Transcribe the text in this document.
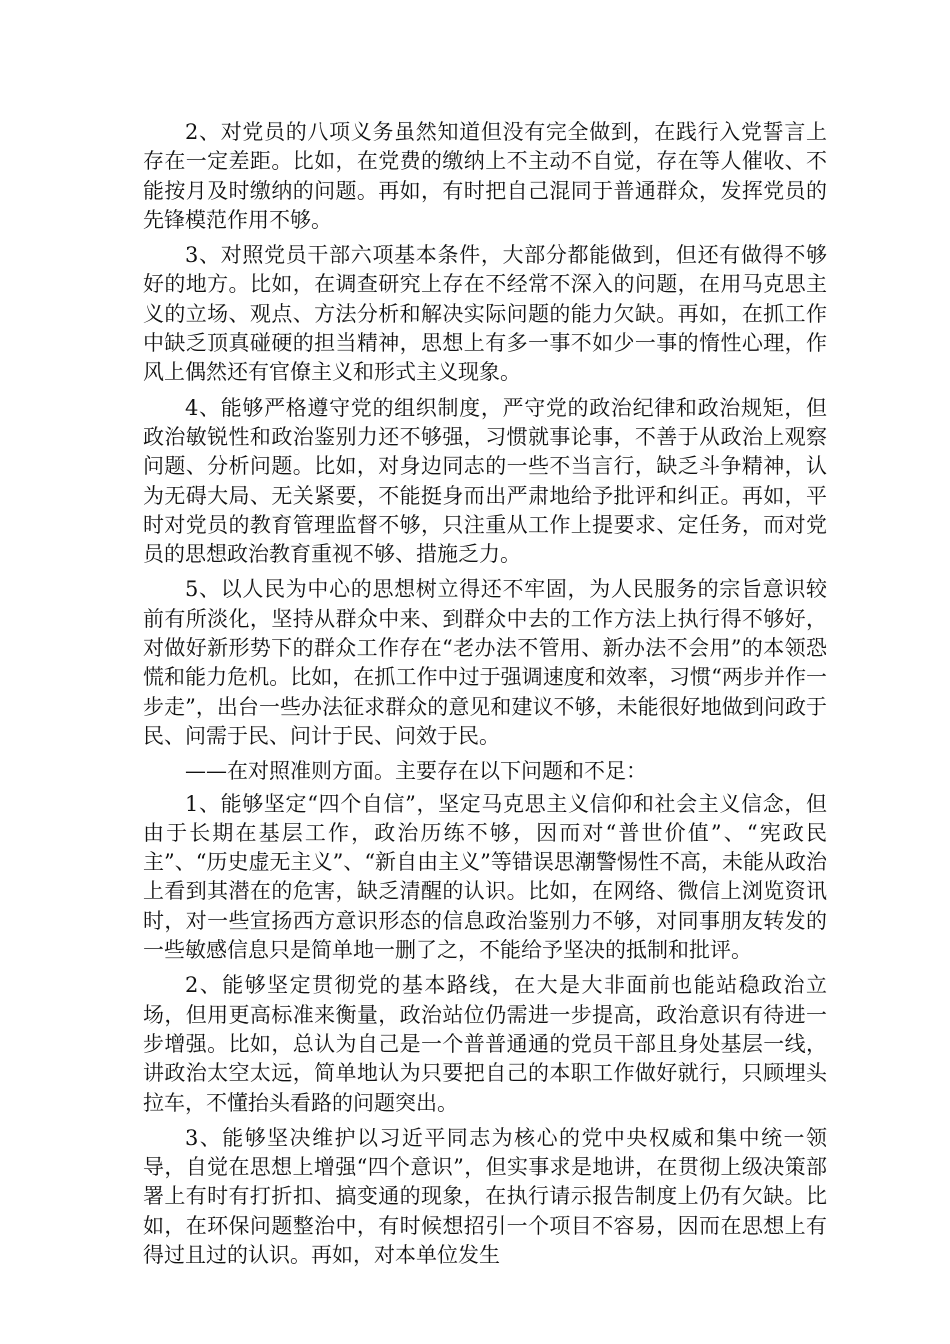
2、对党员的八项义务虽然知道但没有完全做到，在践行入党誓言上存在一定差距。比如，在党费的缴纳上不主动不自觉，存在等人催收、不能按月及时缴纳的问题。再如，有时把自己混同于普通群众，发挥党员的先锋模范作用不够。

3、对照党员干部六项基本条件，大部分都能做到，但还有做得不够好的地方。比如，在调查研究上存在不经常不深入的问题，在用马克思主义的立场、观点、方法分析和解决实际问题的能力欠缺。再如，在抓工作中缺乏顶真碰硬的担当精神，思想上有多一事不如少一事的惰性心理，作风上偶然还有官僚主义和形式主义现象。

4、能够严格遵守党的组织制度，严守党的政治纪律和政治规矩，但政治敏锐性和政治鉴别力还不够强，习惯就事论事，不善于从政治上观察问题、分析问题。比如，对身边同志的一些不当言行，缺乏斗争精神，认为无碍大局、无关紧要，不能挺身而出严肃地给予批评和纠正。再如，平时对党员的教育管理监督不够，只注重从工作上提要求、定任务，而对党员的思想政治教育重视不够、措施乏力。

5、以人民为中心的思想树立得还不牢固，为人民服务的宗旨意识较前有所淡化，坚持从群众中来、到群众中去的工作方法上执行得不够好，对做好新形势下的群众工作存在“老办法不管用、新办法不会用”的本领恐慌和能力危机。比如，在抓工作中过于强调速度和效率，习惯“两步并作一步走”，出台一些办法征求群众的意见和建议不够，未能很好地做到问政于民、问需于民、问计于民、问效于民。

——在对照准则方面。主要存在以下问题和不足：

1、能够坚定“四个自信”，坚定马克思主义信仰和社会主义信念，但由于长期在基层工作，政治历练不够，因而对“普世价值”、“宪政民主”、“历史虚无主义”、“新自由主义”等错误思潮警惕性不高，未能从政治上看到其潜在的危害，缺乏清醒的认识。比如，在网络、微信上浏览资讯时，对一些宣扬西方意识形态的信息政治鉴别力不够，对同事朋友转发的一些敏感信息只是简单地一删了之，不能给予坚决的抵制和批评。

2、能够坚定贯彻党的基本路线，在大是大非面前也能站稳政治立场，但用更高标准来衡量，政治站位仍需进一步提高，政治意识有待进一步增强。比如，总认为自己是一个普普通通的党员干部且身处基层一线，讲政治太空太远，简单地认为只要把自己的本职工作做好就行，只顾埋头拉车，不懂抬头看路的问题突出。

3、能够坚决维护以习近平同志为核心的党中央权威和集中统一领导，自觉在思想上增强“四个意识”，但实事求是地讲，在贯彻上级决策部署上有时有打折扣、搞变通的现象，在执行请示报告制度上仍有欠缺。比如，在环保问题整治中，有时候想招引一个项目不容易，因而在思想上有得过且过的认识。再如，对本单位发生
